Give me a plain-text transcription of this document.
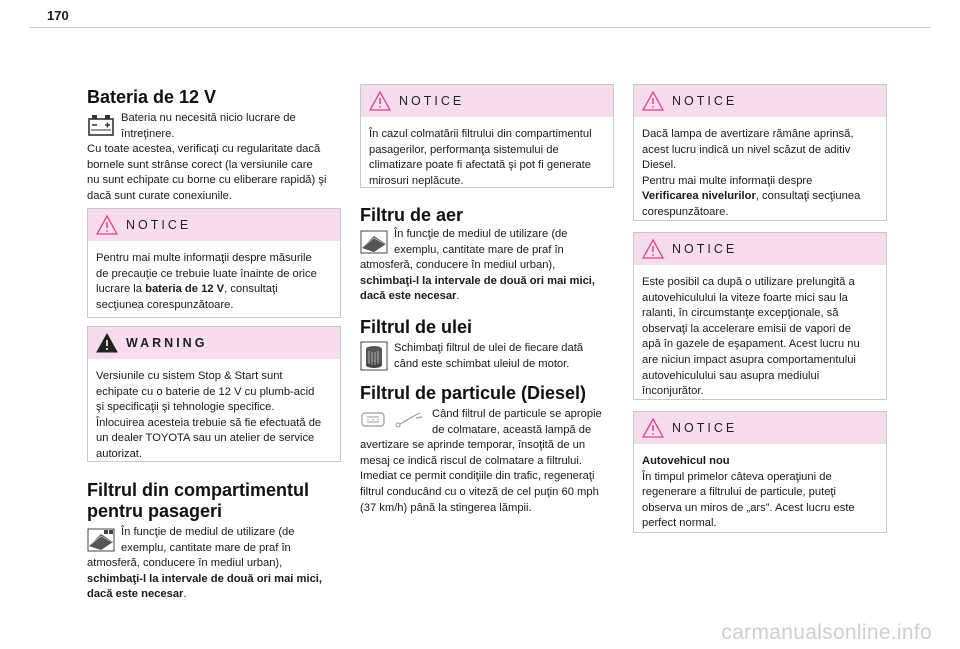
170
Bateria de 12 V
Bateria nu necesită nicio lucrare de
întreţinere.
Cu toate acestea, verificaţi cu regularitate dacă
bornele sunt strânse corect (la versiunile care
nu sunt echipate cu borne cu eliberare rapidă) şi
dacă sunt curate conexiunile.
NOTICE
Pentru mai multe informaţii despre măsurile
de precauţie ce trebuie luate înainte de orice
lucrare la bateria de 12 V, consultaţi
secţiunea corespunzătoare.
WARNING
Versiunile cu sistem Stop & Start sunt
echipate cu o baterie de 12 V cu plumb-acid
şi specificaţii şi tehnologie specifice.
Înlocuirea acesteia trebuie să fie efectuată de
un dealer TOYOTA sau un atelier de service
autorizat.
Filtrul din compartimentul
pentru pasageri
În funcţie de mediul de utilizare (de
exemplu, cantitate mare de praf în
atmosferă, conducere în mediul urban),
schimbaţi-l la intervale de două ori mai mici,
dacă este necesar.
NOTICE
În cazul colmatării filtrului din compartimentul
pasagerilor, performanţa sistemului de
climatizare poate fi afectată şi pot fi generate
mirosuri neplăcute.
Filtru de aer
În funcţie de mediul de utilizare (de
exemplu, cantitate mare de praf în
atmosferă, conducere în mediul urban),
schimbaţi-l la intervale de două ori mai mici,
dacă este necesar.
Filtrul de ulei
Schimbaţi filtrul de ulei de fiecare dată
când este schimbat uleiul de motor.
Filtrul de particule (Diesel)
Când filtrul de particule se apropie
de colmatare, această lampă de
avertizare se aprinde temporar, însoţită de un
mesaj ce indică riscul de colmatare a filtrului.
Imediat ce permit condiţiile din trafic, regeneraţi
filtrul conducând cu o viteză de cel puţin 60 mph
(37 km/h) până la stingerea lămpii.
NOTICE
Dacă lampa de avertizare rămâne aprinsă,
acest lucru indică un nivel scăzut de aditiv
Diesel.
Pentru mai multe informaţii despre
Verificarea nivelurilor, consultaţi secţiunea
corespunzătoare.
NOTICE
Este posibil ca după o utilizare prelungită a
autovehiculului la viteze foarte mici sau la
ralanti, în circumstanţe excepţionale, să
observaţi la accelerare emisii de vapori de
apă în gazele de eşapament. Acest lucru nu
are niciun impact asupra comportamentului
autovehiculului sau asupra mediului
înconjurător.
NOTICE
Autovehicul nou
În timpul primelor câteva operaţiuni de
regenerare a filtrului de particule, puteţi
observa un miros de „ars”. Acest lucru este
perfect normal.
carmanualsonline.info
